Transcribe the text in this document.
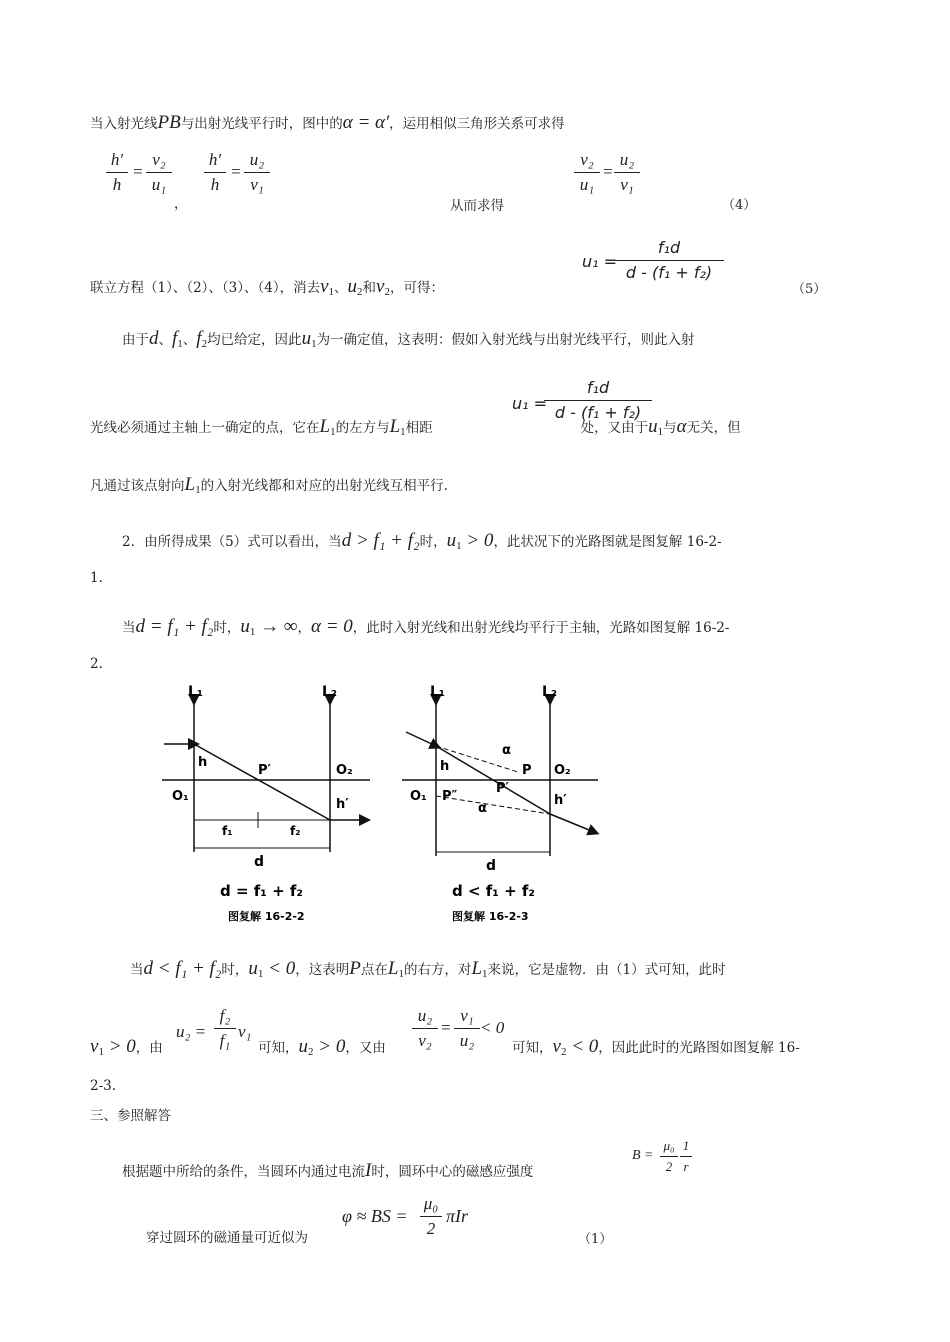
当入射光线PB与出射光线平行时，图中的α = α′，运用相似三角形关系可求得
h′
h
=
v₂
u₁
，
h′
h
=
u₂
v₁
从而求得
v₂
u₁
=
u₂
v₁
（4）
联立方程（1）、（2）、（3）、（4），消去$v_1$、$u_2$和$v_2$，可得：
u₁ =
f₁d
d - (f₁ + f₂)
（5）
由于d、$f_1$、$f_2$均已给定，因此$u_1$为一确定值，这表明：假如入射光线与出射光线平行，则此入射
光线必须通过主轴上一确定的点，它在$L_1$的左方与$L_1$相距	处，又由于$u_1$与α无关，但
u₁ =
f₁d
d - (f₁ + f₂)
凡通过该点射向$L_1$的入射光线都和对应的出射光线互相平行.
2．由所得成果（5）式可以看出，当d > f₁ + f₂时，$u_1 > 0$，此状况下的光路图就是图复解 16-2-
1.
当d = f₁ + f₂时，$u_1$ → ∞，α = 0，此时入射光线和出射光线均平行于主轴，光路如图复解 16-2-
2.
L₁	L₂
h
P′	O₂
O₁
h′
f₁	f₂
d
d = f₁ + f₂
图复解 16-2-2
L₁	L₂
α
h	P O₂
O₁ P″
P′
α
h′
d
d < f₁ + f₂
图复解 16-2-3
当d < f₁ + f₂时，$u_1 < 0$，这表明P点在$L_1$的右方，对$L_1$来说，它是虚物．由（1）式可知，此时
$v_1 > 0$，由
u₂ =
f₂
f₁ v₁
可知，$u_2 > 0$，又由
u₂
v₂
=
v₁
u₂
< 0
可知，$v_2 < 0$，因此此时的光路图如图复解 16-
2-3.
三、参照解答
根据题中所给的条件，当圆环内通过电流I时，圆环中心的磁感应强度
B =
μ₀
2
1
r
穿过圆环的磁通量可近似为
φ ≈ BS =
μ₀
2
πIr
（1）
